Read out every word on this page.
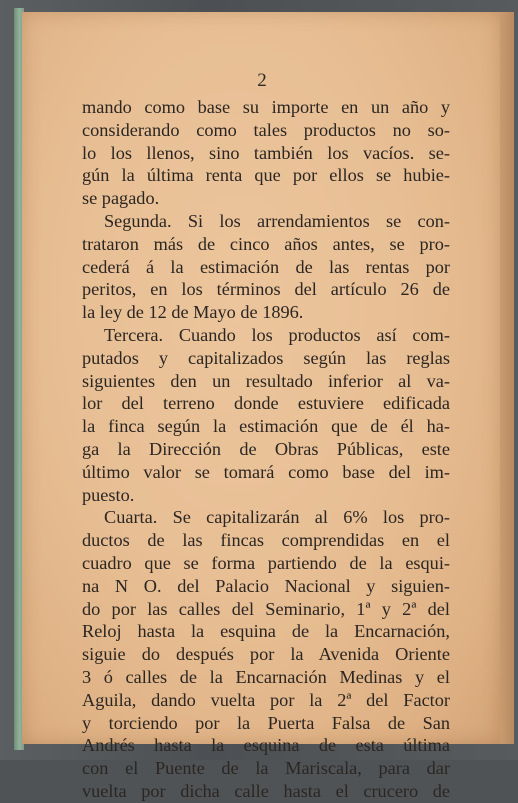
2
mando como base su importe en un año y
considerando como tales productos no so-
lo los llenos, sino también los vacíos. se-
gún la última renta que por ellos se hubie-
se pagado.
Segunda. Si los arrendamientos se con-
trataron más de cinco años antes, se pro-
cederá á la estimación de las rentas por
peritos, en los términos del artículo 26 de
la ley de 12 de Mayo de 1896.
Tercera. Cuando los productos así com-
putados y capitalizados según las reglas
siguientes den un resultado inferior al va-
lor del terreno donde estuviere edificada
la finca según la estimación que de él ha-
ga la Dirección de Obras Públicas, este
último valor se tomará como base del im-
puesto.
Cuarta. Se capitalizarán al 6% los pro-
ductos de las fincas comprendidas en el
cuadro que se forma partiendo de la esqui-
na N O. del Palacio Nacional y siguien-
do por las calles del Seminario, 1ª y 2ª del
Reloj hasta la esquina de la Encarnación,
siguie do después por la Avenida Oriente
3 ó calles de la Encarnación Medinas y el
Aguila, dando vuelta por la 2ª del Factor
y torciendo por la Puerta Falsa de San
Andrés hasta la esquina de esta última
con el Puente de la Mariscala, para dar
vuelta por dicha calle hasta el crucero de
